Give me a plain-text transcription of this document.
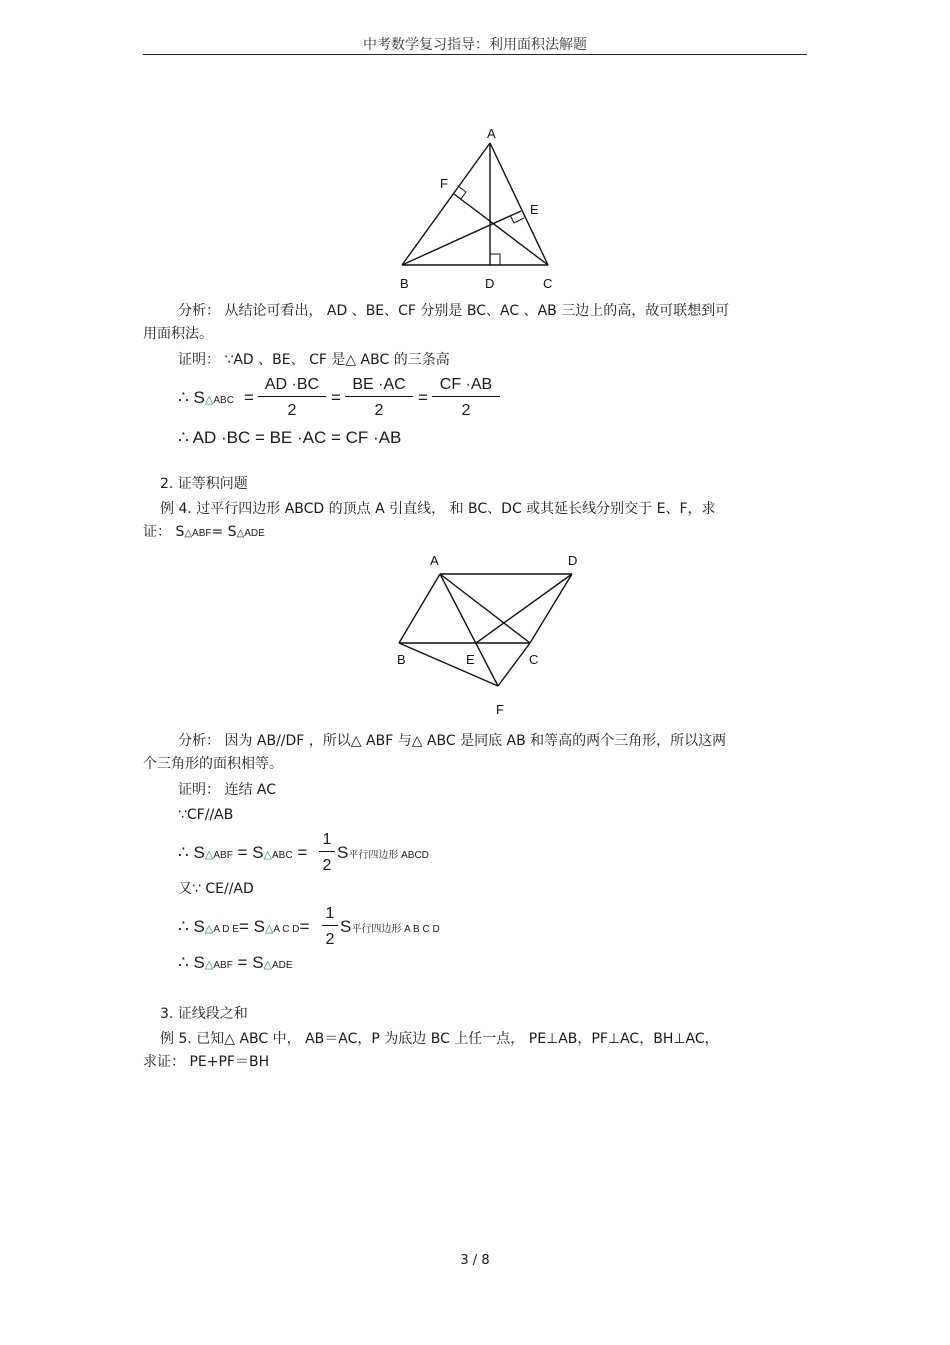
中考数学复习指导：利用面积法解题
A
F
E
B	D	C
分析： 从结论可看出， AD 、BE、CF 分别是 BC、AC 、AB 三边上的高，故可联想到可
用面积法。
证明： ∵AD 、BE、 CF 是△ ABC 的三条高
∴ S△ABC =
AD ·BC
2
=
BE ·AC
2
=
CF ·AB
2
∴ AD ·BC = BE ·AC = CF ·AB
2. 证等积问题
例 4. 过平行四边形 ABCD 的顶点 A 引直线， 和 BC、DC 或其延长线分别交于 E、F，求
证： S△ABF= S△ADE
A	D
B	E	C
F
分析： 因为 AB//DF ，所以△ ABF 与△ ABC 是同底 AB 和等高的两个三角形，所以这两
个三角形的面积相等。
证明： 连结 AC
∵CF//AB
∴ S△ABF = S△ABC =
1
2
S平行四边形 ABCD
又∵ CE//AD
∴ S△A D E= S△A C D=
1
2
S平行四边形 A B C D
∴ S△ABF = S△ADE
3. 证线段之和
例 5. 已知△ ABC 中， AB＝AC，P 为底边 BC 上任一点， PE⊥AB，PF⊥AC，BH⊥AC，
求证： PE+PF＝BH
3 / 8
